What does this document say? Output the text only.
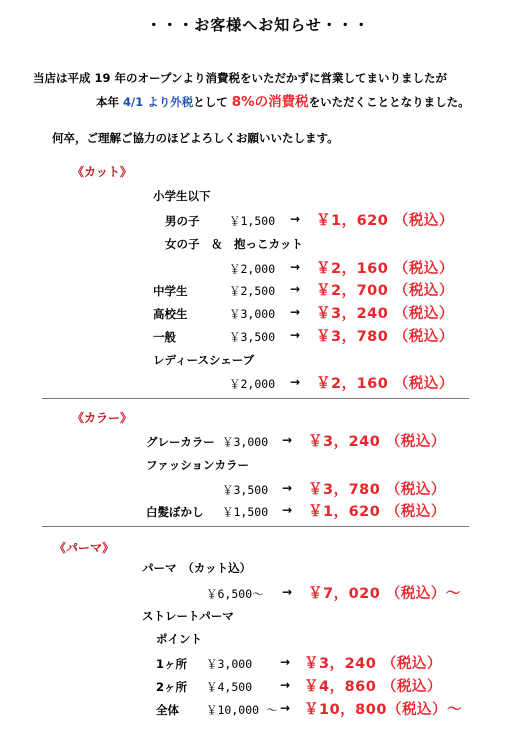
・・・お客様へお知らせ・・・
当店は平成 19 年のオープンより消費税をいただかずに営業してまいりましたが
本年 4/1 より外税として 8%の消費税をいただくこととなりました。
何卒，ご理解ご協力のほどよろしくお願いいたします。
《カット》
小学生以下
男の子	￥1,500 → ￥1，620 （税込）
女の子　＆　抱っこカット
￥2,000 → ￥2，160 （税込）
中学生	￥2,500 → ￥2，700 （税込）
高校生	￥3,000 → ￥3，240 （税込）
一般	￥3,500 → ￥3，780 （税込）
レディースシェーブ
￥2,000 → ￥2，160 （税込）
《カラー》
グレーカラー ￥3,000 → ￥3，240 （税込）
ファッションカラー
￥3,500 → ￥3，780 （税込）
白髪ぼかし ￥1,500 → ￥1，620 （税込）
《パーマ》
パーマ　（カット込）
￥6,500～ → ￥7，020 （税込）～
ストレートパーマ
ポイント
1ヶ所 ￥3,000 → ￥3，240 （税込）
2ヶ所 ￥4,500 → ￥4，860 （税込）
全体 ￥10,000 ～ → ￥10，800（税込）～
